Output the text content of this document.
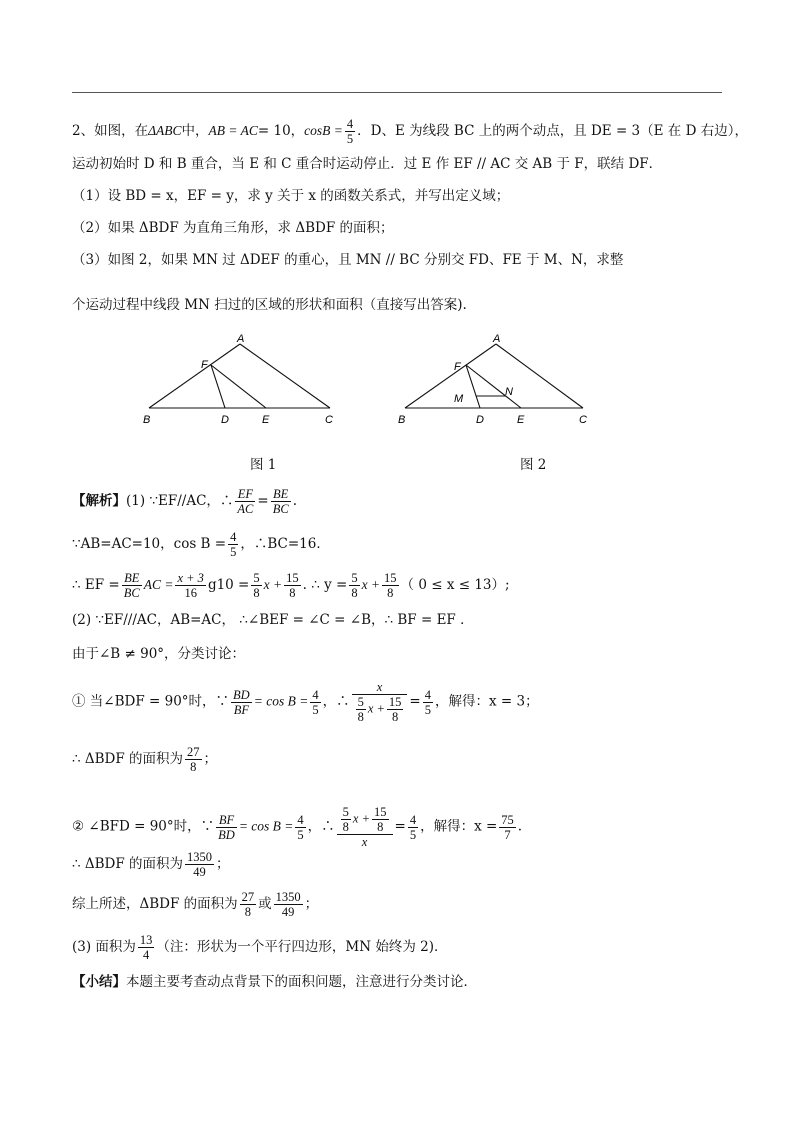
2、如图，在ΔABC中，AB = AC= 10，$\cos B = \frac{4}{5}$ ．D、E 为线段 BC 上的两个动点，且 DE = 3（E 在 D 右边），
运动初始时 D 和 B 重合，当 E 和 C 重合时运动停止．过 E 作 EF // AC 交 AB 于 F，联结 DF．
（1）设 BD = x，EF = y，求 y 关于 x 的函数关系式，并写出定义域；
（2）如果 ΔBDF 为直角三角形，求 ΔBDF 的面积；
（3）如图 2，如果 MN 过 ΔDEF 的重心，且 MN // BC 分别交 FD、FE 于 M、N，求整
个运动过程中线段 MN 扫过的区域的形状和面积（直接写出答案).
A
F
B	D	E	C
图 1
A
F
M
N
B	D	E	C
图 2
【解析】(1) ∵EF//AC，∴ $\frac{EF}{AC} = \frac{BE}{BC}$ .
∵AB=AC=10，$\cos B = \frac{4}{5}$ ，∴BC=16．
∴ EF = $\frac{BE}{BC}$ AC = $\frac{x + 3}{16} g10 = \frac{5}{8}$ $x + \frac{15}{8}$ . ∴ $y = \frac{5}{8}$ $x + \frac{15}{8}$ （ 0 ≤ x ≤ 13）;
(2) ∵EF///AC，AB=AC， ∴∠BEF = ∠C = ∠B，∴ BF = EF ．
由于∠B ≠ 90°，分类讨论：
① 当∠BDF = 90°时，∵ $\frac{BD}{BF} = \cos B = \frac{4}{5}$ ，∴ $\frac{x}{\frac{5}{8} x + \frac{15}{8}} = \frac{4}{5}$ ，解得：x = 3；
∴ ΔBDF 的面积为 $\frac{27}{8}$ ；
② ∠BFD = 90°时，∵ $\frac{BF}{BD} = \cos B = \frac{4}{5}$ ，∴ $\frac{\frac{5}{8} x + \frac{15}{8}}{x} = \frac{4}{5}$ ，解得：$x = \frac{75}{7}$ .
∴ ΔBDF 的面积为 $\frac{1350}{49}$ ；
综上所述，ΔBDF 的面积为 $\frac{27}{8}$ 或 $\frac{1350}{49}$ ；
(3) 面积为 $\frac{13}{4}$ （注：形状为一个平行四边形，MN 始终为 2)．
【小结】本题主要考查动点背景下的面积问题，注意进行分类讨论．
